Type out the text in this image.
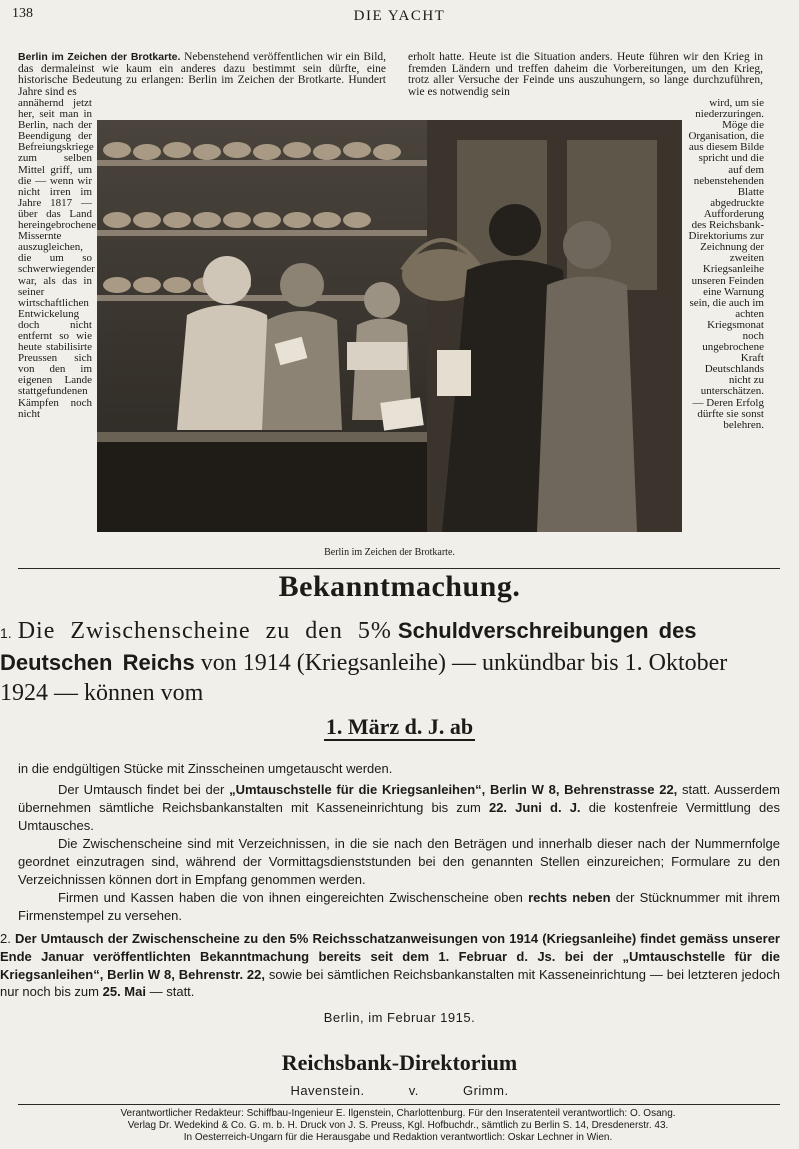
138	DIE YACHT
Berlin im Zeichen der Brotkarte. Nebenstehend veröffentlichen wir ein Bild, das dermaleinst wie kaum ein anderes dazu bestimmt sein dürfte, eine historische Bedeutung zu erlangen: Berlin im Zeichen der Brotkarte. Hundert Jahre sind es
erholt hatte. Heute ist die Situation anders. Heute führen wir den Krieg in fremden Ländern und treffen daheim die Vorbereitungen, um den Krieg, trotz aller Versuche der Feinde uns auszuhungern, so lange durchzuführen, wie es notwendig sein
annähernd jetzt her, seit man in Berlin, nach der Beendigung der Befreiungskriege zum selben Mittel griff, um die — wenn wir nicht irren im Jahre 1817 — über das Land hereingebrochene Missernte auszugleichen, die um so schwerwiegender war, als das in seiner wirtschaftlichen Entwickelung doch nicht entfernt so wie heute stabilisirte Preussen sich von den im eigenen Lande stattgefundenen Kämpfen noch nicht
wird, um sie niederzuringen. Möge die Organisation, die aus diesem Bilde spricht und die auf dem nebenstehenden Blatte abgedruckte Aufforderung des Reichsbank-Direktoriums zur Zeichnung der zweiten Kriegsanleihe unseren Feinden eine Warnung sein, die auch im achten Kriegsmonat noch ungebrochene Kraft Deutschlands nicht zu unterschätzen. — Deren Erfolg dürfte sie sonst belehren.
Berlin im Zeichen der Brotkarte.
Bekanntmachung.
1. Die Zwischenscheine zu den 5% Schuldverschreibungen des Deutschen Reichs von 1914 (Kriegsanleihe) — unkündbar bis 1. Oktober 1924 — können vom
1. März d. J. ab
in die endgültigen Stücke mit Zinsscheinen umgetauscht werden.
Der Umtausch findet bei der „Umtauschstelle für die Kriegsanleihen“, Berlin W 8, Behrenstrasse 22, statt. Ausserdem übernehmen sämtliche Reichsbankanstalten mit Kasseneinrichtung bis zum 22. Juni d. J. die kostenfreie Vermittlung des Umtausches.
Die Zwischenscheine sind mit Verzeichnissen, in die sie nach den Beträgen und innerhalb dieser nach der Nummernfolge geordnet einzutragen sind, während der Vormittagsdienststunden bei den genannten Stellen einzureichen; Formulare zu den Verzeichnissen können dort in Empfang genommen werden.
Firmen und Kassen haben die von ihnen eingereichten Zwischenscheine oben rechts neben der Stücknummer mit ihrem Firmenstempel zu versehen.
2. Der Umtausch der Zwischenscheine zu den 5% Reichsschatzanweisungen von 1914 (Kriegsanleihe) findet gemäss unserer Ende Januar veröffentlichten Bekanntmachung bereits seit dem 1. Februar d. Js. bei der „Umtauschstelle für die Kriegsanleihen“, Berlin W 8, Behrenstr. 22, sowie bei sämtlichen Reichsbankanstalten mit Kasseneinrichtung — bei letzteren jedoch nur noch bis zum 25. Mai — statt.
Berlin, im Februar 1915.
Reichsbank-Direktorium
Havenstein. v. Grimm.
Verantwortlicher Redakteur: Schiffbau-Ingenieur E. Ilgenstein, Charlottenburg. Für den Inseratenteil verantwortlich: O. Osang.
Verlag Dr. Wedekind & Co. G. m. b. H. Druck von J. S. Preuss, Kgl. Hofbuchdr., sämtlich zu Berlin S. 14, Dresdenerstr. 43.
In Oesterreich-Ungarn für die Herausgabe und Redaktion verantwortlich: Oskar Lechner in Wien.
